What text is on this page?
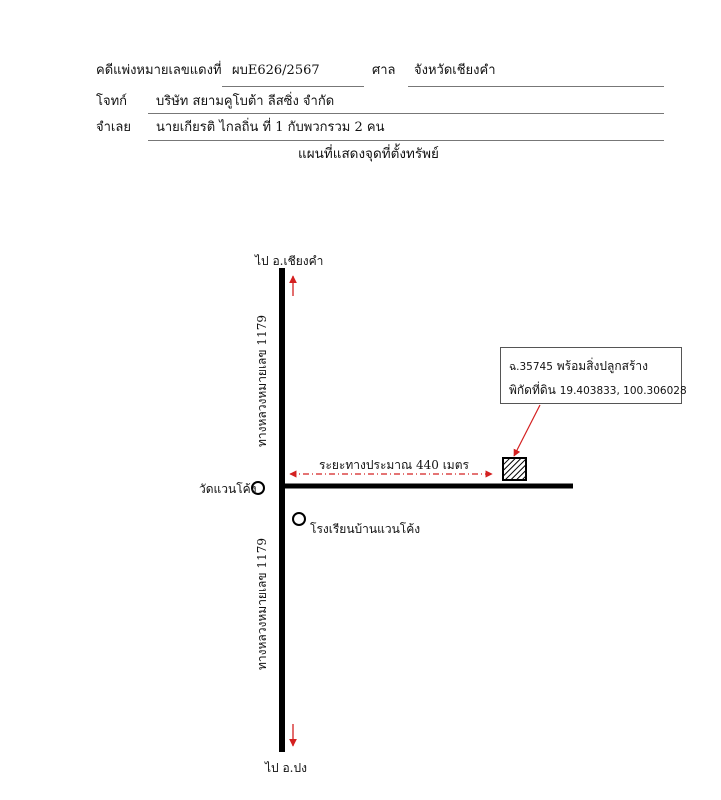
คดีแพ่งหมายเลขแดงที่ ผบE626/2567	ศาล จังหวัดเชียงคำ
โจทก์ บริษัท สยามคูโบต้า ลีสซิ่ง จำกัด
จำเลย นายเกียรติ ไกลถิ่น ที่ 1 กับพวกรวม 2 คน
แผนที่แสดงจุดที่ตั้งทรัพย์
ไป อ.เชียงคำ
ไป อ.ปง
วัดแวนโค้ง
โรงเรียนบ้านแวนโค้ง
ระยะทางประมาณ 440 เมตร
ทางหลวงหมายเลข 1179
ทางหลวงหมายเลข 1179
ฉ.35745 พร้อมสิ่งปลูกสร้าง
พิกัดที่ดิน 19.403833, 100.306028
